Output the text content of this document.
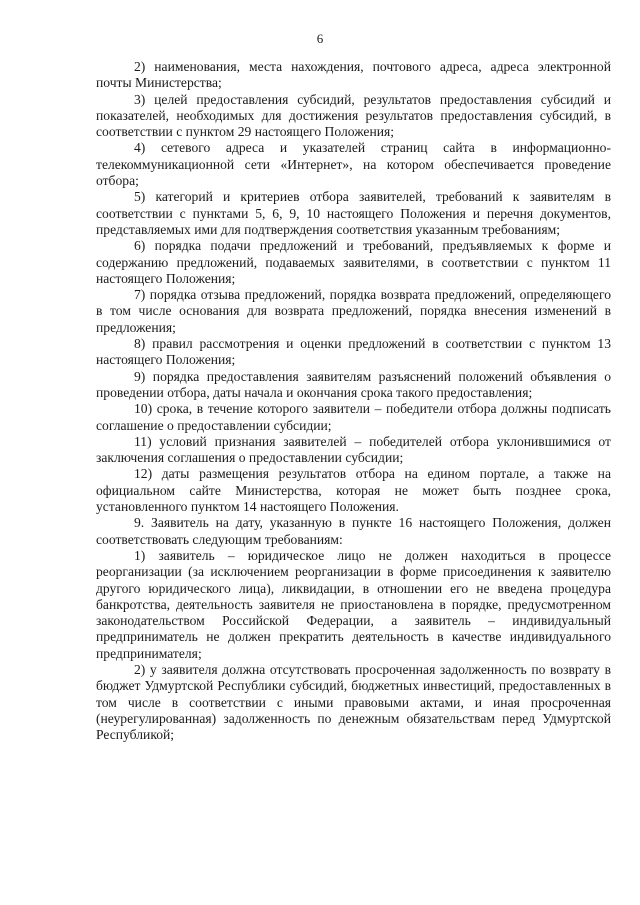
6

2) наименования, места нахождения, почтового адреса, адреса электронной почты Министерства;

3) целей предоставления субсидий, результатов предоставления субсидий и показателей, необходимых для достижения результатов предоставления субсидий, в соответствии с пунктом 29 настоящего Положения;

4) сетевого адреса и указателей страниц сайта в информационно-телекоммуникационной сети «Интернет», на котором обеспечивается проведение отбора;

5) категорий и критериев отбора заявителей, требований к заявителям в соответствии с пунктами 5, 6, 9, 10 настоящего Положения и перечня документов, представляемых ими для подтверждения соответствия указанным требованиям;

6) порядка подачи предложений и требований, предъявляемых к форме и содержанию предложений, подаваемых заявителями, в соответствии с пунктом 11 настоящего Положения;

7) порядка отзыва предложений, порядка возврата предложений, определяющего в том числе основания для возврата предложений, порядка внесения изменений в предложения;

8) правил рассмотрения и оценки предложений в соответствии с пунктом 13 настоящего Положения;

9) порядка предоставления заявителям разъяснений положений объявления о проведении отбора, даты начала и окончания срока такого предоставления;

10) срока, в течение которого заявители – победители отбора должны подписать соглашение о предоставлении субсидии;

11) условий признания заявителей – победителей отбора уклонившимися от заключения соглашения о предоставлении субсидии;

12) даты размещения результатов отбора на едином портале, а также на официальном сайте Министерства, которая не может быть позднее срока, установленного пунктом 14 настоящего Положения.

9. Заявитель на дату, указанную в пункте 16 настоящего Положения, должен соответствовать следующим требованиям:

1) заявитель – юридическое лицо не должен находиться в процессе реорганизации (за исключением реорганизации в форме присоединения к заявителю другого юридического лица), ликвидации, в отношении его не введена процедура банкротства, деятельность заявителя не приостановлена в порядке, предусмотренном законодательством Российской Федерации, а заявитель – индивидуальный предприниматель не должен прекратить деятельность в качестве индивидуального предпринимателя;

2) у заявителя должна отсутствовать просроченная задолженность по возврату в бюджет Удмуртской Республики субсидий, бюджетных инвестиций, предоставленных в том числе в соответствии с иными правовыми актами, и иная просроченная (неурегулированная) задолженность по денежным обязательствам перед Удмуртской Республикой;
